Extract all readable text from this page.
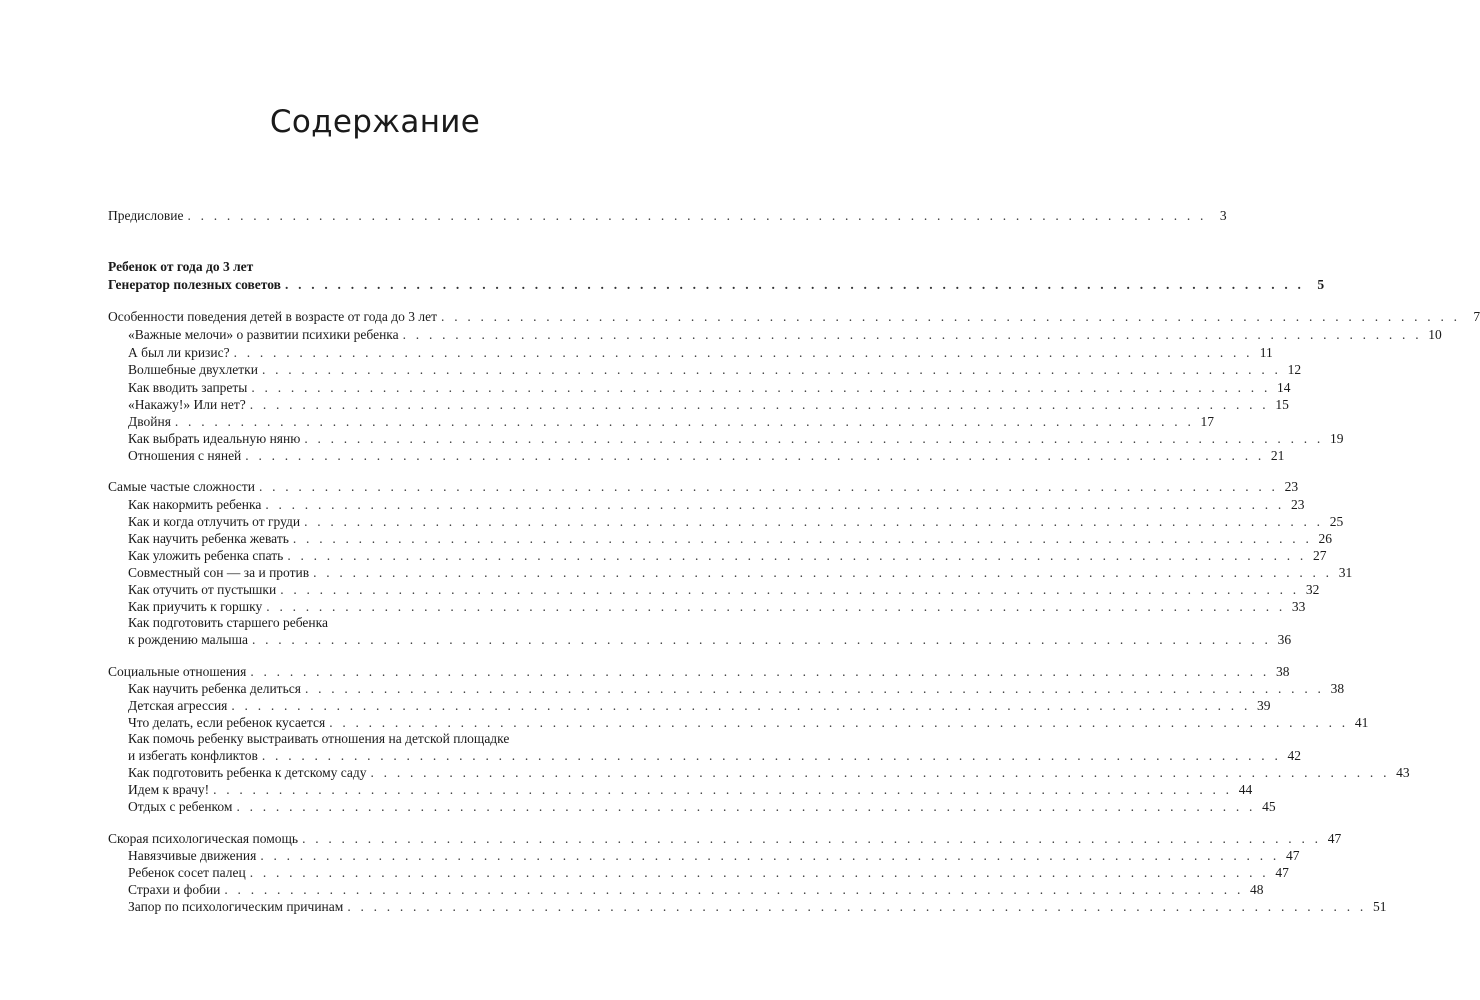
Содержание
Предисловие . . . . . . . . . . . . . . . . . . . . . . . . . . . . . . . . . . . . . . . . . . . . . . . . . . . . . . . . . . . . . . . . . . . . . . . . . . . . . . 3
Ребенок от года до 3 лет
Генератор полезных советов . . . . . . . . . . . . . . . . . . . . . . . . . . . . . . . . . . . . . . . . . . . . . . . . . . . . . . . . . . . . . . . . . . . . . . . . . . . . . . 5
Особенности поведения детей в возрасте от года до 3 лет . . . . . . . . . . . . . . . . . . . . . . . . . . . . . . . . . . . . . . . . . . . . . . . . . . . . . . . . . . . . . . . . . . . . . . . . . . . . . . 7
«Важные мелочи» о развитии психики ребенка . . . . . . . . . . . . . . . . . . . . . . . . . . . . . . . . . . . . . . . . . . . . . . . . . . . . . . . . . . . . . . . . . . . . . . . . . . . . . . 10
А был ли кризис? . . . . . . . . . . . . . . . . . . . . . . . . . . . . . . . . . . . . . . . . . . . . . . . . . . . . . . . . . . . . . . . . . . . . . . . . . . . . . . 11
Волшебные двухлетки . . . . . . . . . . . . . . . . . . . . . . . . . . . . . . . . . . . . . . . . . . . . . . . . . . . . . . . . . . . . . . . . . . . . . . . . . . . . . . 12
Как вводить запреты . . . . . . . . . . . . . . . . . . . . . . . . . . . . . . . . . . . . . . . . . . . . . . . . . . . . . . . . . . . . . . . . . . . . . . . . . . . . . . 14
«Накажу!» Или нет? . . . . . . . . . . . . . . . . . . . . . . . . . . . . . . . . . . . . . . . . . . . . . . . . . . . . . . . . . . . . . . . . . . . . . . . . . . . . . . 15
Двойня . . . . . . . . . . . . . . . . . . . . . . . . . . . . . . . . . . . . . . . . . . . . . . . . . . . . . . . . . . . . . . . . . . . . . . . . . . . . . . 17
Как выбрать идеальную няню . . . . . . . . . . . . . . . . . . . . . . . . . . . . . . . . . . . . . . . . . . . . . . . . . . . . . . . . . . . . . . . . . . . . . . . . . . . . . . 19
Отношения с няней . . . . . . . . . . . . . . . . . . . . . . . . . . . . . . . . . . . . . . . . . . . . . . . . . . . . . . . . . . . . . . . . . . . . . . . . . . . . . . 21
Самые частые сложности . . . . . . . . . . . . . . . . . . . . . . . . . . . . . . . . . . . . . . . . . . . . . . . . . . . . . . . . . . . . . . . . . . . . . . . . . . . . . . 23
Как накормить ребенка . . . . . . . . . . . . . . . . . . . . . . . . . . . . . . . . . . . . . . . . . . . . . . . . . . . . . . . . . . . . . . . . . . . . . . . . . . . . . . 23
Как и когда отлучить от груди . . . . . . . . . . . . . . . . . . . . . . . . . . . . . . . . . . . . . . . . . . . . . . . . . . . . . . . . . . . . . . . . . . . . . . . . . . . . . . 25
Как научить ребенка жевать . . . . . . . . . . . . . . . . . . . . . . . . . . . . . . . . . . . . . . . . . . . . . . . . . . . . . . . . . . . . . . . . . . . . . . . . . . . . . . 26
Как уложить ребенка спать . . . . . . . . . . . . . . . . . . . . . . . . . . . . . . . . . . . . . . . . . . . . . . . . . . . . . . . . . . . . . . . . . . . . . . . . . . . . . . 27
Совместный сон — за и против . . . . . . . . . . . . . . . . . . . . . . . . . . . . . . . . . . . . . . . . . . . . . . . . . . . . . . . . . . . . . . . . . . . . . . . . . . . . . . 31
Как отучить от пустышки . . . . . . . . . . . . . . . . . . . . . . . . . . . . . . . . . . . . . . . . . . . . . . . . . . . . . . . . . . . . . . . . . . . . . . . . . . . . . . 32
Как приучить к горшку . . . . . . . . . . . . . . . . . . . . . . . . . . . . . . . . . . . . . . . . . . . . . . . . . . . . . . . . . . . . . . . . . . . . . . . . . . . . . . 33
Как подготовить старшего ребенка
к рождению малыша . . . . . . . . . . . . . . . . . . . . . . . . . . . . . . . . . . . . . . . . . . . . . . . . . . . . . . . . . . . . . . . . . . . . . . . . . . . . . . 36
Социальные отношения . . . . . . . . . . . . . . . . . . . . . . . . . . . . . . . . . . . . . . . . . . . . . . . . . . . . . . . . . . . . . . . . . . . . . . . . . . . . . . 38
Как научить ребенка делиться . . . . . . . . . . . . . . . . . . . . . . . . . . . . . . . . . . . . . . . . . . . . . . . . . . . . . . . . . . . . . . . . . . . . . . . . . . . . . . 38
Детская агрессия . . . . . . . . . . . . . . . . . . . . . . . . . . . . . . . . . . . . . . . . . . . . . . . . . . . . . . . . . . . . . . . . . . . . . . . . . . . . . . 39
Что делать, если ребенок кусается . . . . . . . . . . . . . . . . . . . . . . . . . . . . . . . . . . . . . . . . . . . . . . . . . . . . . . . . . . . . . . . . . . . . . . . . . . . . . . 41
Как помочь ребенку выстраивать отношения на детской площадке
и избегать конфликтов . . . . . . . . . . . . . . . . . . . . . . . . . . . . . . . . . . . . . . . . . . . . . . . . . . . . . . . . . . . . . . . . . . . . . . . . . . . . . . 42
Как подготовить ребенка к детскому саду . . . . . . . . . . . . . . . . . . . . . . . . . . . . . . . . . . . . . . . . . . . . . . . . . . . . . . . . . . . . . . . . . . . . . . . . . . . . . . 43
Идем к врачу! . . . . . . . . . . . . . . . . . . . . . . . . . . . . . . . . . . . . . . . . . . . . . . . . . . . . . . . . . . . . . . . . . . . . . . . . . . . . . . 44
Отдых с ребенком . . . . . . . . . . . . . . . . . . . . . . . . . . . . . . . . . . . . . . . . . . . . . . . . . . . . . . . . . . . . . . . . . . . . . . . . . . . . . . 45
Скорая психологическая помощь . . . . . . . . . . . . . . . . . . . . . . . . . . . . . . . . . . . . . . . . . . . . . . . . . . . . . . . . . . . . . . . . . . . . . . . . . . . . . . 47
Навязчивые движения . . . . . . . . . . . . . . . . . . . . . . . . . . . . . . . . . . . . . . . . . . . . . . . . . . . . . . . . . . . . . . . . . . . . . . . . . . . . . . 47
Ребенок сосет палец . . . . . . . . . . . . . . . . . . . . . . . . . . . . . . . . . . . . . . . . . . . . . . . . . . . . . . . . . . . . . . . . . . . . . . . . . . . . . . 47
Страхи и фобии . . . . . . . . . . . . . . . . . . . . . . . . . . . . . . . . . . . . . . . . . . . . . . . . . . . . . . . . . . . . . . . . . . . . . . . . . . . . . . 48
Запор по психологическим причинам . . . . . . . . . . . . . . . . . . . . . . . . . . . . . . . . . . . . . . . . . . . . . . . . . . . . . . . . . . . . . . . . . . . . . . . . . . . . . . 51
